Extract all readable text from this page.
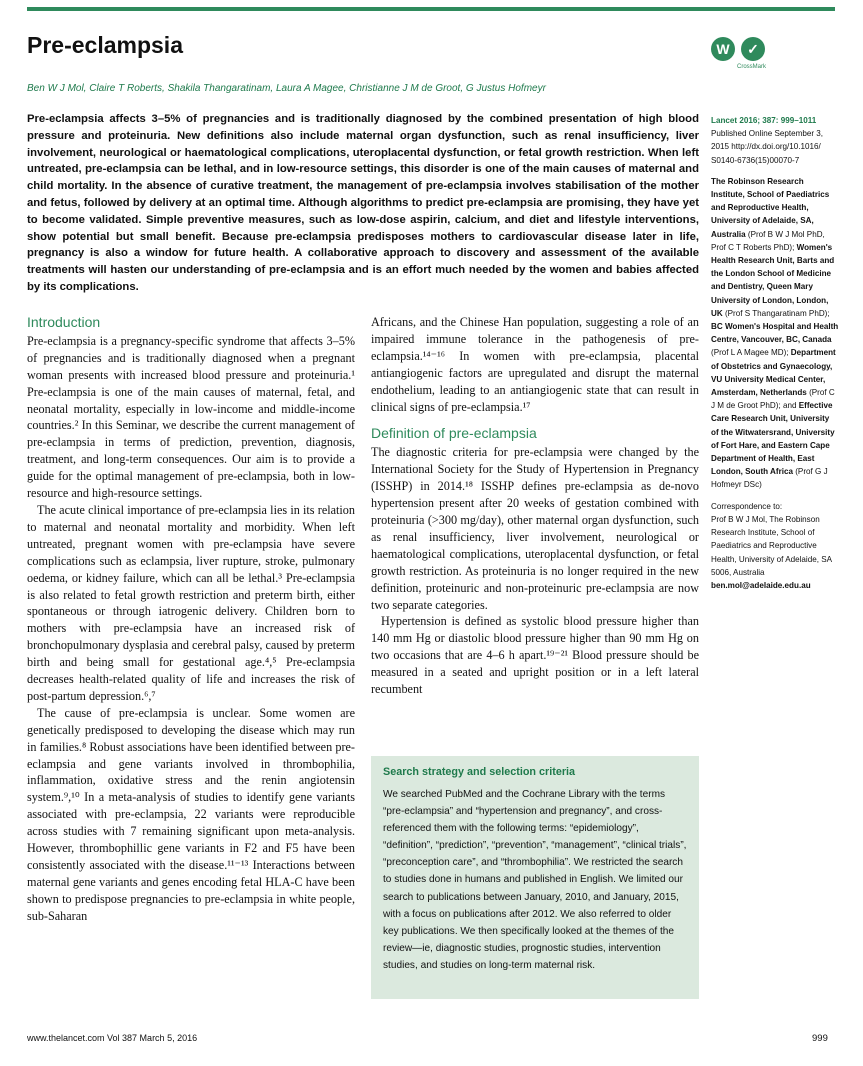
Pre-eclampsia	W	✓
CrossMark
Ben W J Mol, Claire T Roberts, Shakila Thangaratinam, Laura A Magee, Christianne J M de Groot, G Justus Hofmeyr

Pre-eclampsia affects 3–5% of pregnancies and is traditionally diagnosed by the combined presentation of high blood pressure and proteinuria. New definitions also include maternal organ dysfunction, such as renal insufficiency, liver involvement, neurological or haematological complications, uteroplacental dysfunction, or fetal growth restriction. When left untreated, pre-eclampsia can be lethal, and in low-resource settings, this disorder is one of the main causes of maternal and child mortality. In the absence of curative treatment, the management of pre-eclampsia involves stabilisation of the mother and fetus, followed by delivery at an optimal time. Although algorithms to predict pre-eclampsia are promising, they have yet to become validated. Simple preventive measures, such as low-dose aspirin, calcium, and diet and lifestyle interventions, show potential but small benefit. Because pre-eclampsia predisposes mothers to cardiovascular disease later in life, pregnancy is also a window for future health. A collaborative approach to discovery and assessment of the available treatments will hasten our understanding of pre-eclampsia and is an effort much needed by the women and babies affected by its complications.

Lancet 2016; 387: 999–1011

Published Online September 3, 2015 http://dx.doi.org/10.1016/ S0140-6736(15)00070-7

The Robinson Research Institute, School of Paediatrics and Reproductive Health, University of Adelaide, SA, Australia (Prof B W J Mol PhD, Prof C T Roberts PhD); Women's Health Research Unit, Barts and the London School of Medicine and Dentistry, Queen Mary University of London, London, UK (Prof S Thangaratinam PhD); BC Women's Hospital and Health Centre, Vancouver, BC, Canada (Prof L A Magee MD); Department of Obstetrics and Gynaecology, VU University Medical Center, Amsterdam, Netherlands (Prof C J M de Groot PhD); and Effective Care Research Unit, University of the Witwatersrand, University of Fort Hare, and Eastern Cape Department of Health, East London, South Africa (Prof G J Hofmeyr DSc)

Correspondence to:

Prof B W J Mol, The Robinson Research Institute, School of Paediatrics and Reproductive Health, University of Adelaide, SA 5006, Australia

ben.mol@adelaide.edu.au

Introduction

Pre-eclampsia is a pregnancy-specific syndrome that affects 3–5% of pregnancies and is traditionally diagnosed when a pregnant woman presents with increased blood pressure and proteinuria.¹ Pre-eclampsia is one of the main causes of maternal, fetal, and neonatal mortality, especially in low-income and middle-income countries.² In this Seminar, we describe the current management of pre-eclampsia in terms of prediction, prevention, diagnosis, treatment, and long-term consequences. Our aim is to provide a guide for the optimal management of pre-eclampsia, both in low-resource and high-resource settings.

The acute clinical importance of pre-eclampsia lies in its relation to maternal and neonatal mortality and morbidity. When left untreated, pregnant women with pre-eclampsia have severe complications such as eclampsia, liver rupture, stroke, pulmonary oedema, or kidney failure, which can all be lethal.³ Pre-eclampsia is also related to fetal growth restriction and preterm birth, either spontaneous or through iatrogenic delivery. Children born to mothers with pre-eclampsia have an increased risk of bronchopulmonary dysplasia and cerebral palsy, caused by preterm birth and being small for gestational age.⁴,⁵ Pre-eclampsia decreases health-related quality of life and increases the risk of post-partum depression.⁶,⁷

The cause of pre-eclampsia is unclear. Some women are genetically predisposed to developing the disease which may run in families.⁸ Robust associations have been identified between pre-eclampsia and gene variants involved in thrombophilia, inflammation, oxidative stress and the renin angiotensin system.⁹,¹⁰ In a meta-analysis of studies to identify gene variants associated with pre-eclampsia, 22 variants were reproducible across studies with 7 remaining significant upon meta-analysis. However, thrombophillic gene variants in F2 and F5 have been consistently associated with the disease.¹¹⁻¹³ Interactions between maternal gene variants and genes encoding fetal HLA-C have been shown to predispose pregnancies to pre-eclampsia in white people, sub-Saharan

Africans, and the Chinese Han population, suggesting a role of an impaired immune tolerance in the pathogenesis of pre-eclampsia.¹⁴⁻¹⁶ In women with pre-eclampsia, placental antiangiogenic factors are upregulated and disrupt the maternal endothelium, leading to an antiangiogenic state that can result in clinical signs of pre-eclampsia.¹⁷

Definition of pre-eclampsia

The diagnostic criteria for pre-eclampsia were changed by the International Society for the Study of Hypertension in Pregnancy (ISSHP) in 2014.¹⁸ ISSHP defines pre-eclampsia as de-novo hypertension present after 20 weeks of gestation combined with proteinuria (>300 mg/day), other maternal organ dysfunction, such as renal insufficiency, liver involvement, neurological or haematological complications, uteroplacental dysfunction, or fetal growth restriction. As proteinuria is no longer required in the new definition, proteinuric and non-proteinuric pre-eclampsia are now two separate categories.

Hypertension is defined as systolic blood pressure higher than 140 mm Hg or diastolic blood pressure higher than 90 mm Hg on two occasions that are 4–6 h apart.¹⁹⁻²¹ Blood pressure should be measured in a seated and upright position or in a left lateral recumbent

Search strategy and selection criteria

We searched PubMed and the Cochrane Library with the terms “pre-eclampsia” and “hypertension and pregnancy”, and cross-referenced them with the following terms: “epidemiology”, “definition”, “prediction”, “prevention”, “management”, “clinical trials”, “preconception care”, and “thrombophilia”. We restricted the search to studies done in humans and published in English. We limited our search to publications between January, 2010, and January, 2015, with a focus on publications after 2012. We also referred to older key publications. We then specifically looked at the themes of the review—ie, diagnostic studies, prognostic studies, intervention studies, and studies on long-term maternal risk.

www.thelancet.com Vol 387 March 5, 2016	999
